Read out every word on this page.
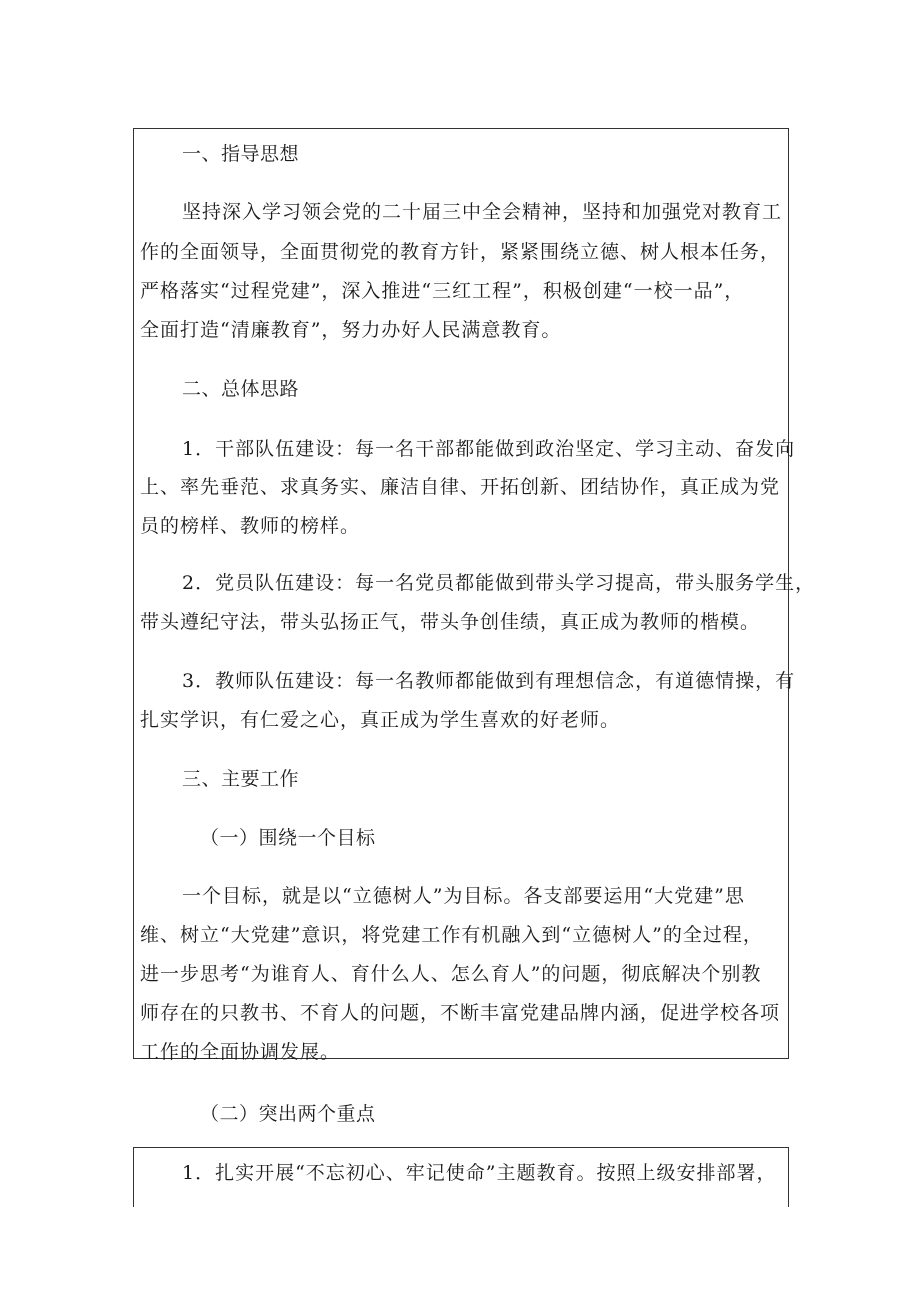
一、指导思想
坚持深入学习领会党的二十届三中全会精神，坚持和加强党对教育工
作的全面领导，全面贯彻党的教育方针，紧紧围绕立德、树人根本任务，
严格落实“过程党建”，深入推进“三红工程”，积极创建“一校一品”，
全面打造“清廉教育”，努力办好人民满意教育。
二、总体思路
1．干部队伍建设：每一名干部都能做到政治坚定、学习主动、奋发向
上、率先垂范、求真务实、廉洁自律、开拓创新、团结协作，真正成为党
员的榜样、教师的榜样。
2．党员队伍建设：每一名党员都能做到带头学习提高，带头服务学生，
带头遵纪守法，带头弘扬正气，带头争创佳绩，真正成为教师的楷模。
3．教师队伍建设：每一名教师都能做到有理想信念，有道德情操，有
扎实学识，有仁爱之心，真正成为学生喜欢的好老师。
三、主要工作
（一）围绕一个目标
一个目标，就是以“立德树人”为目标。各支部要运用“大党建”思
维、树立“大党建”意识，将党建工作有机融入到“立德树人”的全过程，
进一步思考“为谁育人、育什么人、怎么育人”的问题，彻底解决个别教
师存在的只教书、不育人的问题，不断丰富党建品牌内涵，促进学校各项
工作的全面协调发展。
（二）突出两个重点
1．扎实开展“不忘初心、牢记使命”主题教育。按照上级安排部署，
